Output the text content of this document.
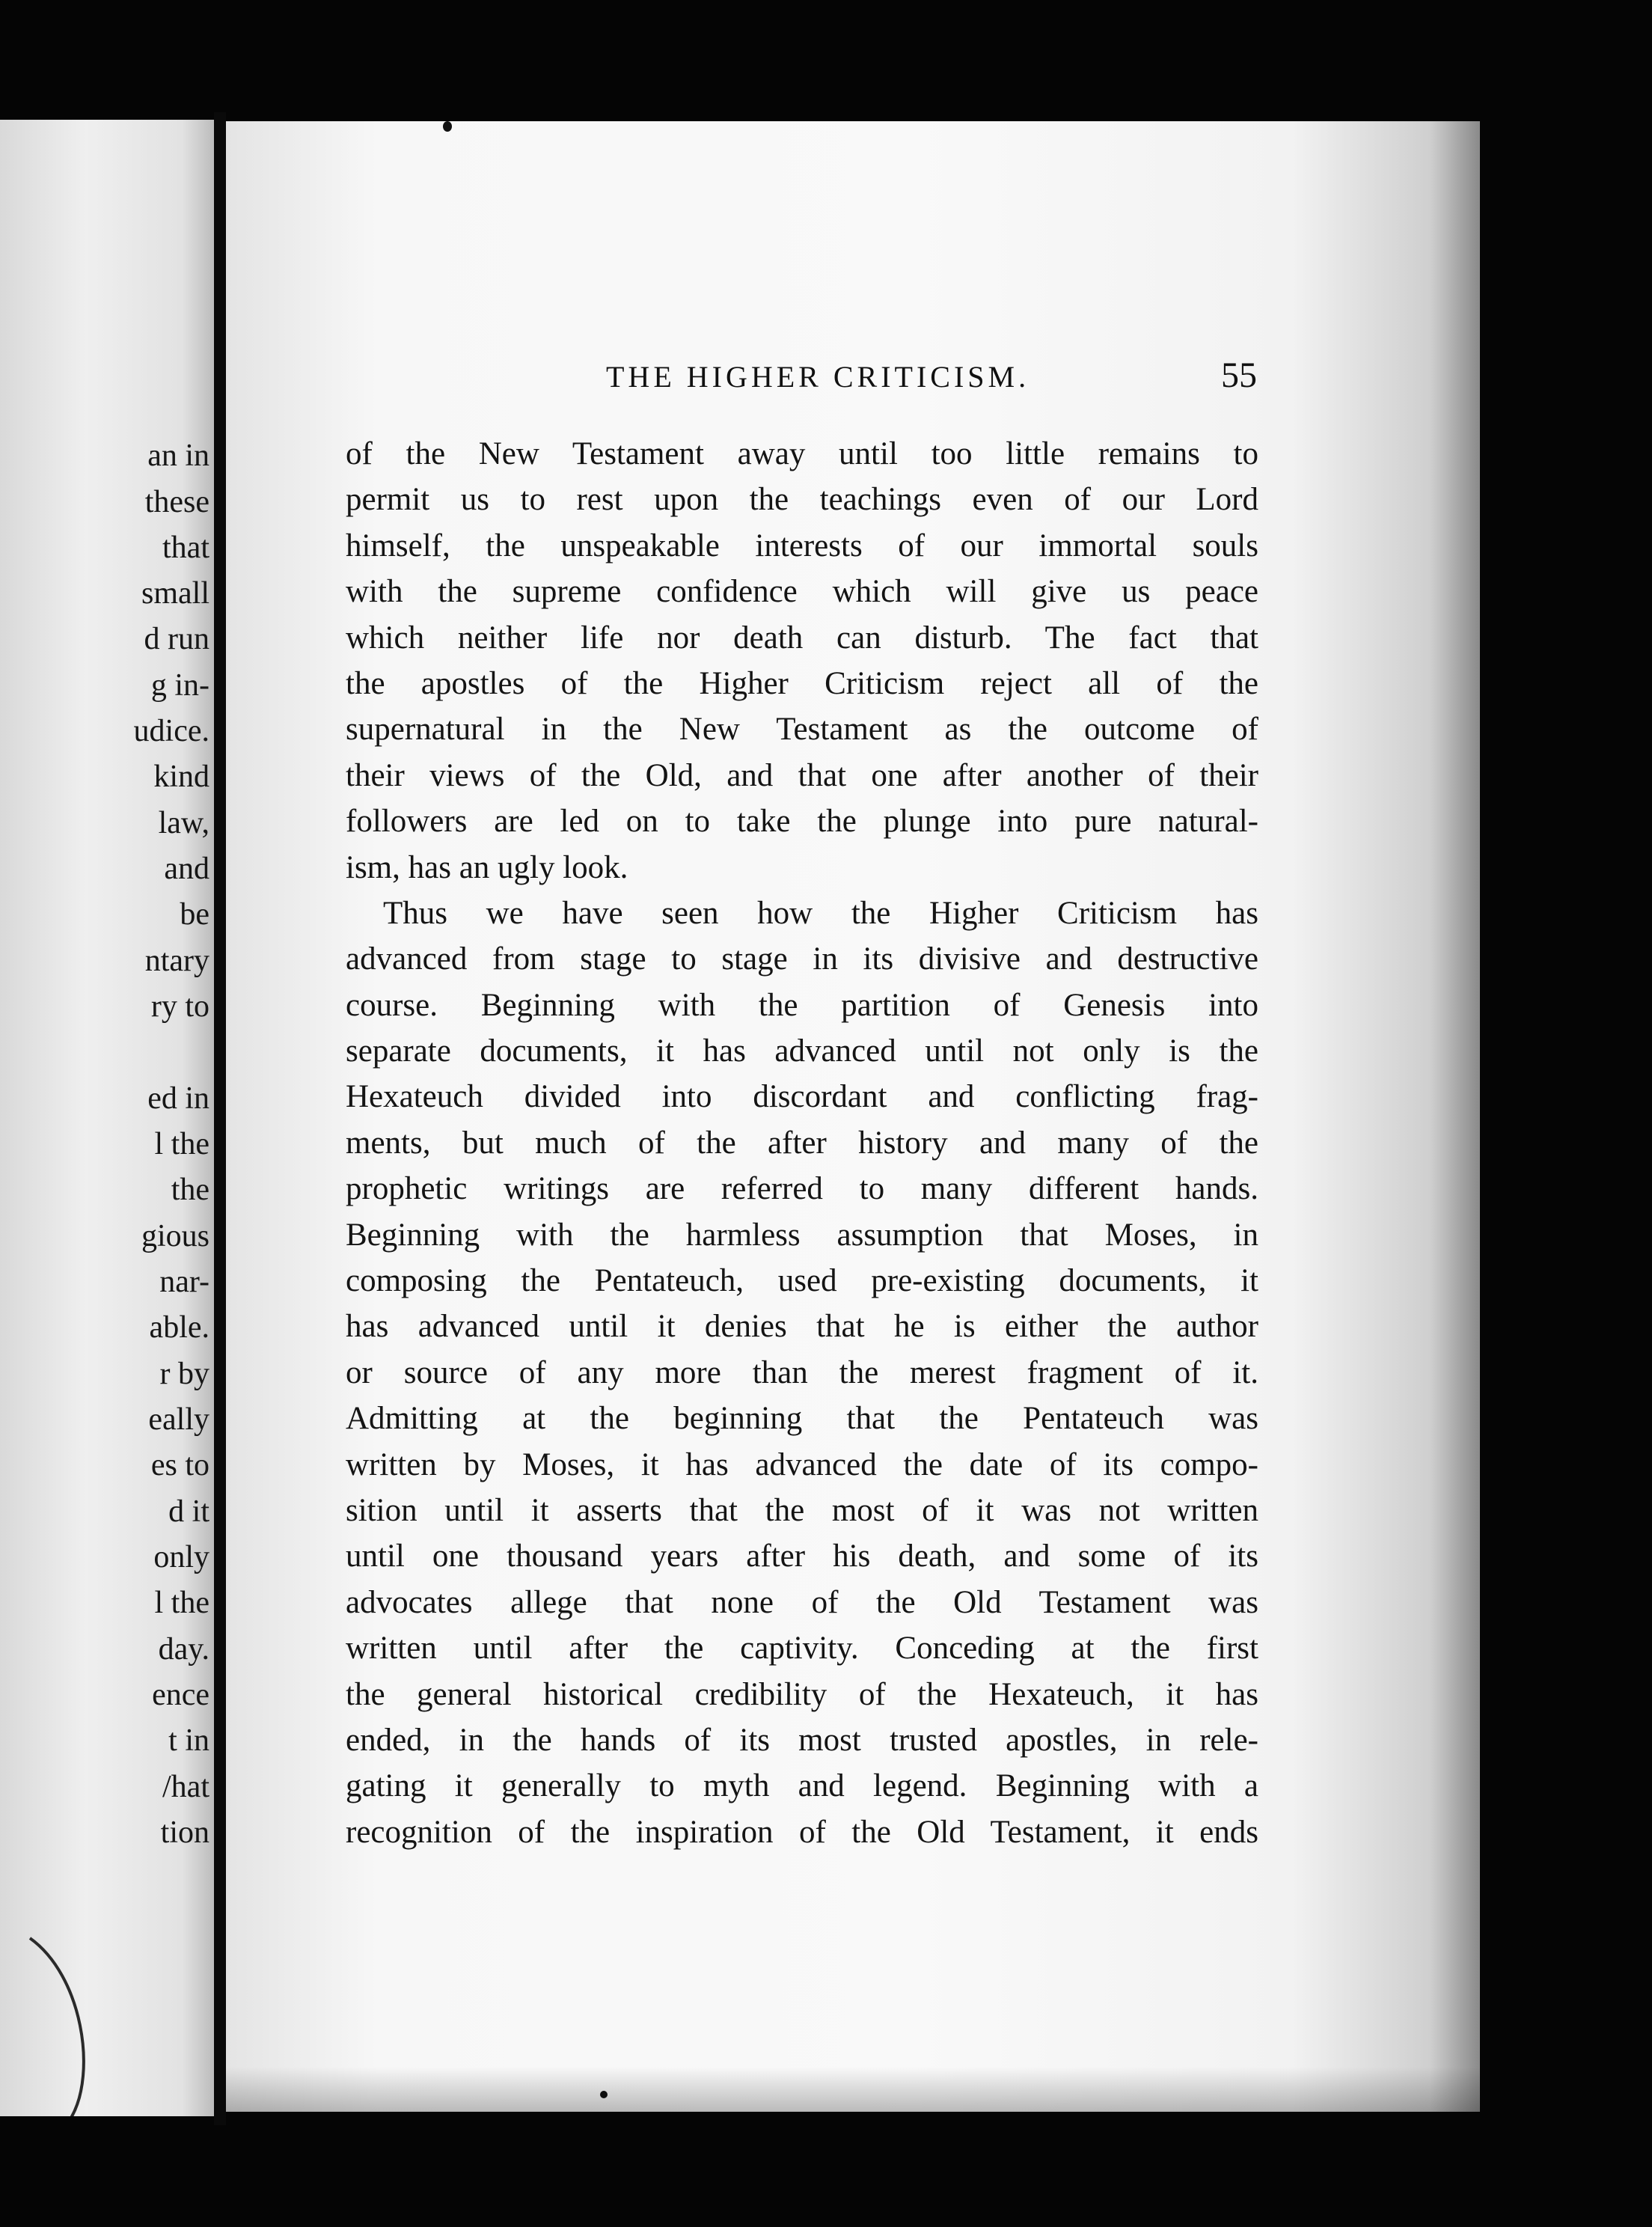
an in
these
that
small
d run
g in-
udice.
kind
law,
and
be
ntary
ry to
ed in
l the
the
gious
nar-
able.
r by
eally
es to
d it
only
l the
day.
ence
t in
/hat
tion
THE HIGHER CRITICISM.	55
of the New Testament away until too little remains to
permit us to rest upon the teachings even of our Lord
himself, the unspeakable interests of our immortal souls
with the supreme confidence which will give us peace
which neither life nor death can disturb. The fact that
the apostles of the Higher Criticism reject all of the
supernatural in the New Testament as the outcome of
their views of the Old, and that one after another of their
followers are led on to take the plunge into pure natural-
ism, has an ugly look.
Thus we have seen how the Higher Criticism has
advanced from stage to stage in its divisive and destructive
course. Beginning with the partition of Genesis into
separate documents, it has advanced until not only is the
Hexateuch divided into discordant and conflicting frag-
ments, but much of the after history and many of the
prophetic writings are referred to many different hands.
Beginning with the harmless assumption that Moses, in
composing the Pentateuch, used pre-existing documents, it
has advanced until it denies that he is either the author
or source of any more than the merest fragment of it.
Admitting at the beginning that the Pentateuch was
written by Moses, it has advanced the date of its compo-
sition until it asserts that the most of it was not written
until one thousand years after his death, and some of its
advocates allege that none of the Old Testament was
written until after the captivity. Conceding at the first
the general historical credibility of the Hexateuch, it has
ended, in the hands of its most trusted apostles, in rele-
gating it generally to myth and legend. Beginning with a
recognition of the inspiration of the Old Testament, it ends
